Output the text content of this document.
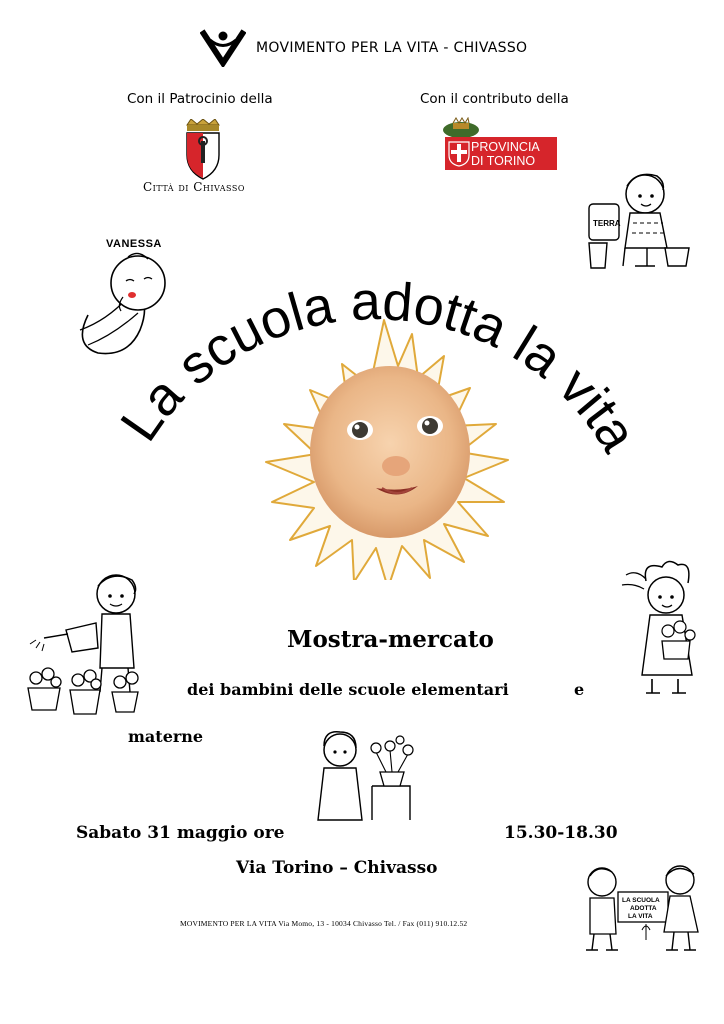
MOVIMENTO PER LA VITA - CHIVASSO
Con il Patrocinio della	Con il contributo della
Città di Chivasso
PROVINCIA
DI TORINO
VANESSA
TERRA
La scuola adotta la vita
Mostra-mercato
dei bambini delle scuole elementari	e
materne
Sabato 31 maggio ore	15.30-18.30
Via Torino – Chivasso
MOVIMENTO PER LA VITA Via Momo, 13 - 10034 Chivasso Tel. / Fax (011) 910.12.52
LA SCUOLA
ADOTTA
LA VITA
